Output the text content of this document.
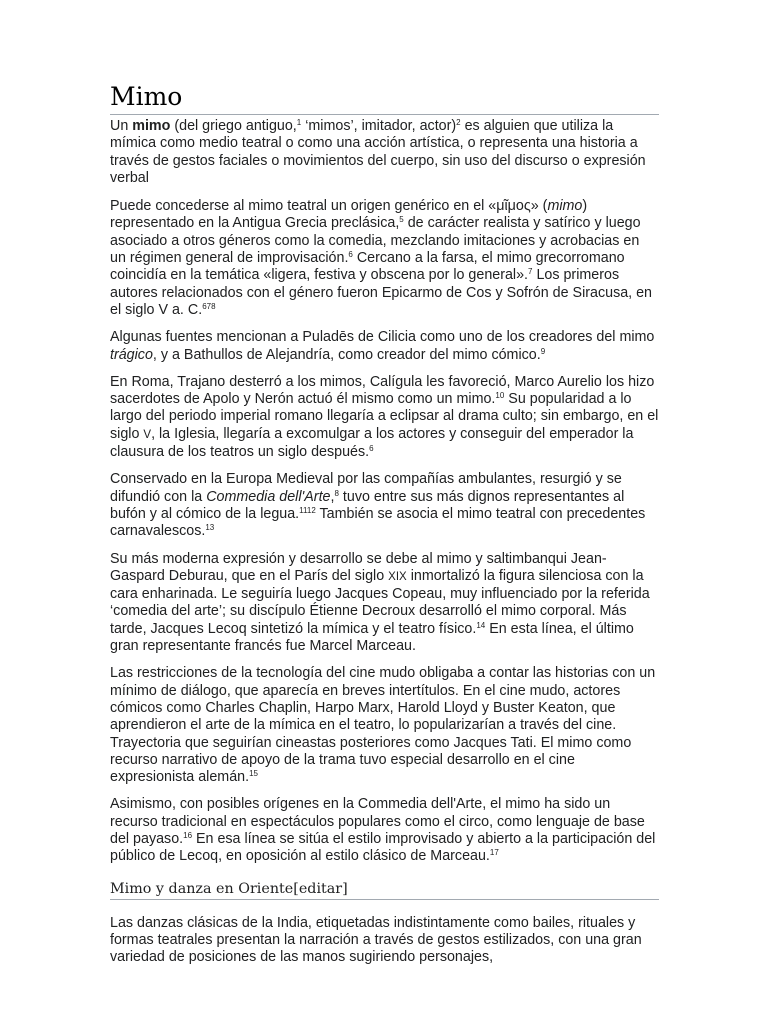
Mimo

Un mimo (del griego antiguo,$^1$ ‘mimos’, imitador, actor)$^2$ es alguien que utiliza la mímica como medio teatral o como una acción artística, o representa una historia a través de gestos faciales o movimientos del cuerpo, sin uso del discurso o expresión verbal

Puede concederse al mimo teatral un origen genérico en el «μῖμος» (mimo) representado en la Antigua Grecia preclásica,$^5$ de carácter realista y satírico y luego asociado a otros géneros como la comedia, mezclando imitaciones y acrobacias en un régimen general de improvisación.$^6$ Cercano a la farsa, el mimo grecorromano coincidía en la temática «ligera, festiva y obscena por lo general».$^7$ Los primeros autores relacionados con el género fueron Epicarmo de Cos y Sofrón de Siracusa, en el siglo V a. C.$^{678}$

Algunas fuentes mencionan a Puladēs de Cilicia como uno de los creadores del mimo trágico, y a Bathullos de Alejandría, como creador del mimo cómico.$^9$

En Roma, Trajano desterró a los mimos, Calígula les favoreció, Marco Aurelio los hizo sacerdotes de Apolo y Nerón actuó él mismo como un mimo.$^{10}$ Su popularidad a lo largo del periodo imperial romano llegaría a eclipsar al drama culto; sin embargo, en el siglo V, la Iglesia, llegaría a excomulgar a los actores y conseguir del emperador la clausura de los teatros un siglo después.$^6$

Conservado en la Europa Medieval por las compañías ambulantes, resurgió y se difundió con la Commedia dell'Arte,$^8$ tuvo entre sus más dignos representantes al bufón y al cómico de la legua.$^{1112}$ También se asocia el mimo teatral con precedentes carnavalescos.$^{13}$

Su más moderna expresión y desarrollo se debe al mimo y saltimbanqui Jean-Gaspard Deburau, que en el París del siglo XIX inmortalizó la figura silenciosa con la cara enharinada. Le seguiría luego Jacques Copeau, muy influenciado por la referida ‘comedia del arte’; su discípulo Étienne Decroux desarrolló el mimo corporal. Más tarde, Jacques Lecoq sintetizó la mímica y el teatro físico.$^{14}$ En esta línea, el último gran representante francés fue Marcel Marceau.

Las restricciones de la tecnología del cine mudo obligaba a contar las historias con un mínimo de diálogo, que aparecía en breves intertítulos. En el cine mudo, actores cómicos como Charles Chaplin, Harpo Marx, Harold Lloyd y Buster Keaton, que aprendieron el arte de la mímica en el teatro, lo popularizarían a través del cine. Trayectoria que seguirían cineastas posteriores como Jacques Tati. El mimo como recurso narrativo de apoyo de la trama tuvo especial desarrollo en el cine expresionista alemán.$^{15}$

Asimismo, con posibles orígenes en la Commedia dell'Arte, el mimo ha sido un recurso tradicional en espectáculos populares como el circo, como lenguaje de base del payaso.$^{16}$ En esa línea se sitúa el estilo improvisado y abierto a la participación del público de Lecoq, en oposición al estilo clásico de Marceau.$^{17}$

Mimo y danza en Oriente[editar]

Las danzas clásicas de la India, etiquetadas indistintamente como bailes, rituales y formas teatrales presentan la narración a través de gestos estilizados, con una gran variedad de posiciones de las manos sugiriendo personajes,
